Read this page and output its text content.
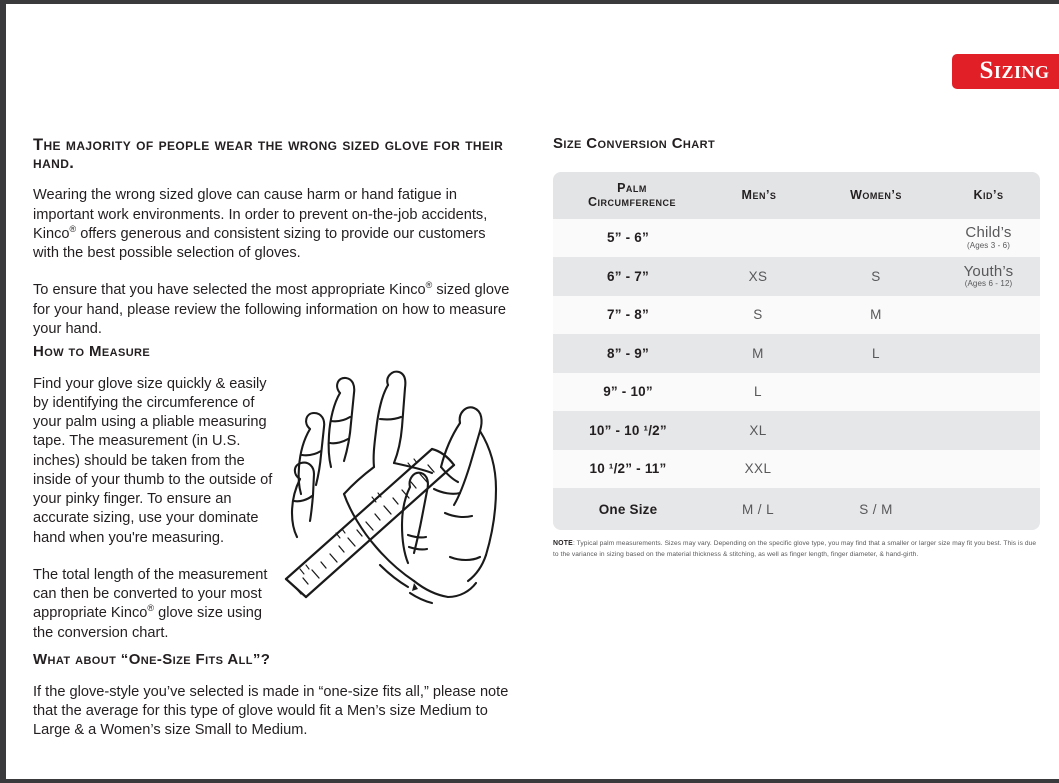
Sizing
The majority of people wear the wrong sized glove for their hand.

Wearing the wrong sized glove can cause harm or hand fatigue in important work environments. In order to prevent on-the-job accidents, Kinco® offers generous and consistent sizing to provide our customers with the best possible selection of gloves.

To ensure that you have selected the most appropriate Kinco® sized glove for your hand, please review the following information on how to measure your hand.

How to Measure

Find your glove size quickly & easily by identifying the circumference of your palm using a pliable measuring tape. The measurement (in U.S. inches) should be taken from the inside of your thumb to the outside of your pinky finger. To ensure an accurate sizing, use your dominate hand when you're measuring.

The total length of the measurement can then be converted to your most appropriate Kinco® glove size using the conversion chart.

What about “One-Size Fits All”?

If the glove-style you’ve selected is made in “one-size fits all,” please note that the average for this type of glove would fit a Men’s size Medium to Large & a Women’s size Small to Medium.

Size Conversion Chart
Palm
Circumference	Men’s	Women’s	Kid’s
5” - 6”			Child’s
(Ages 3 - 6)

6” - 7”	XS	S	Youth’s
(Ages 6 - 12)

7” - 8”	S	M	
8” - 9”	M	L	
9” - 10”	L		
10” - 10 ¹/2”	XL		
10 ¹/2” - 11”	XXL		
One Size	M / L	S / M	
NOTE: Typical palm measurements. Sizes may vary. Depending on the specific glove type, you may find that a smaller or larger size may fit you best. This is due to the variance in sizing based on the material thickness & stitching, as well as finger length, finger diameter, & hand-girth.
